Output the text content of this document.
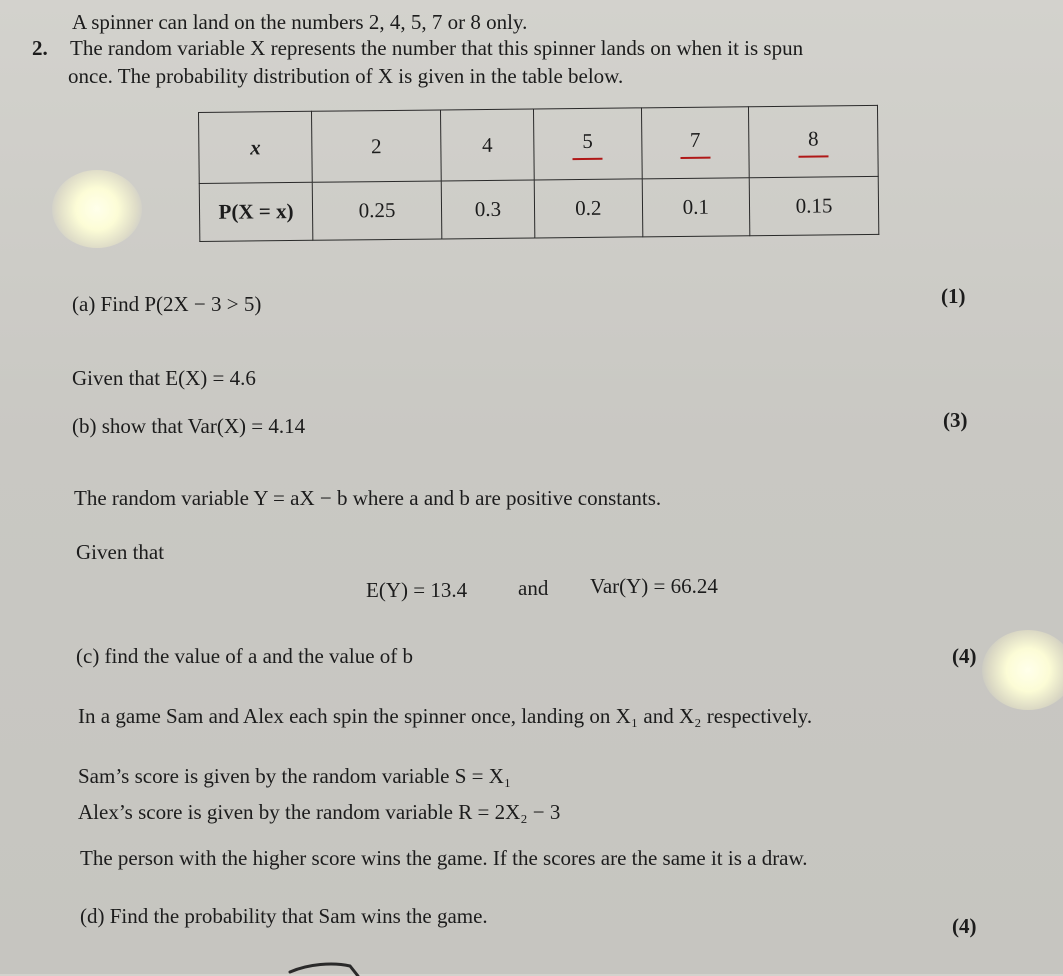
2.
A spinner can land on the numbers 2, 4, 5, 7 or 8 only.
The random variable X represents the number that this spinner lands on when it is spun
once. The probability distribution of X is given in the table below.
x	2	4	5	7	8
P(X = x)	0.25	0.3	0.2	0.1	0.15
(a) Find P(2X − 3 > 5)	(1)
Given that E(X) = 4.6
(b) show that Var(X) = 4.14	(3)
The random variable Y = aX − b where a and b are positive constants.
Given that
E(Y) = 13.4 and Var(Y) = 66.24
(c) find the value of a and the value of b	(4)
In a game Sam and Alex each spin the spinner once, landing on X₁ and X₂ respectively.
Sam’s score is given by the random variable S = X₁
Alex’s score is given by the random variable R = 2X₂ − 3
The person with the higher score wins the game. If the scores are the same it is a draw.
(d) Find the probability that Sam wins the game.	(4)
